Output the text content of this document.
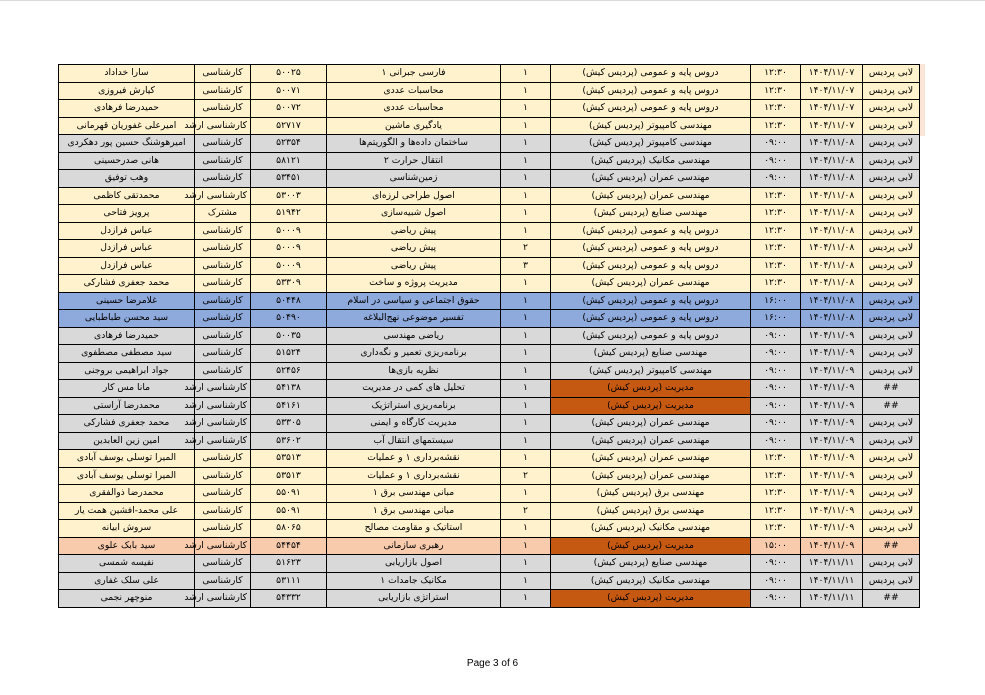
سارا خداداد	کارشناسی	۵۰۰۲۵	فارسی جبرانی ۱	۱	دروس پایه و عمومی (پردیس کیش)	۱۲:۳۰	۱۴۰۴/۱۱/۰۷	لابی پردیس
کیارش فیروزی	کارشناسی	۵۰۰۷۱	محاسبات عددی	۱	دروس پایه و عمومی (پردیس کیش)	۱۲:۳۰	۱۴۰۴/۱۱/۰۷	لابی پردیس
حمیدرضا فرهادی	کارشناسی	۵۰۰۷۲	محاسبات عددی	۱	دروس پایه و عمومی (پردیس کیش)	۱۲:۳۰	۱۴۰۴/۱۱/۰۷	لابی پردیس
امیرعلی غفوریان قهرمانی	کارشناسی ارشد	۵۲۷۱۷	یادگیری ماشین	۱	مهندسی کامپیوتر (پردیس کیش)	۱۲:۳۰	۱۴۰۴/۱۱/۰۷	لابی پردیس
امیرهوشنگ حسین پور دهکردی	کارشناسی	۵۲۳۵۴	ساختمان داده‌ها و الگوریتم‌ها	۱	مهندسی کامپیوتر (پردیس کیش)	۰۹:۰۰	۱۴۰۴/۱۱/۰۸	لابی پردیس
هانی صدرحسینی	کارشناسی	۵۸۱۲۱	انتقال حرارت ۲	۱	مهندسی مکانیک (پردیس کیش)	۰۹:۰۰	۱۴۰۴/۱۱/۰۸	لابی پردیس
وهب توفیق	کارشناسی	۵۳۴۵۱	زمین‌شناسی	۱	مهندسی عمران (پردیس کیش)	۰۹:۰۰	۱۴۰۴/۱۱/۰۸	لابی پردیس
محمدتقی کاظمی	کارشناسی ارشد	۵۳۰۰۳	اصول طراحی لرزه‌ای	۱	مهندسی عمران (پردیس کیش)	۱۲:۳۰	۱۴۰۴/۱۱/۰۸	لابی پردیس
پرویز فتاحی	مشترک	۵۱۹۴۲	اصول شبیه‌سازی	۱	مهندسی صنایع (پردیس کیش)	۱۲:۳۰	۱۴۰۴/۱۱/۰۸	لابی پردیس
عباس فرازدل	کارشناسی	۵۰۰۰۹	پیش ریاضی	۱	دروس پایه و عمومی (پردیس کیش)	۱۲:۳۰	۱۴۰۴/۱۱/۰۸	لابی پردیس
عباس فرازدل	کارشناسی	۵۰۰۰۹	پیش ریاضی	۲	دروس پایه و عمومی (پردیس کیش)	۱۲:۳۰	۱۴۰۴/۱۱/۰۸	لابی پردیس
عباس فرازدل	کارشناسی	۵۰۰۰۹	پیش ریاضی	۳	دروس پایه و عمومی (پردیس کیش)	۱۲:۳۰	۱۴۰۴/۱۱/۰۸	لابی پردیس
محمد جعفری فشارکی	کارشناسی	۵۳۳۰۹	مدیریت پروژه و ساخت	۱	مهندسی عمران (پردیس کیش)	۱۲:۳۰	۱۴۰۴/۱۱/۰۸	لابی پردیس
غلامرضا حسینی	کارشناسی	۵۰۴۴۸	حقوق اجتماعی و سیاسی در اسلام	۱	دروس پایه و عمومی (پردیس کیش)	۱۶:۰۰	۱۴۰۴/۱۱/۰۸	لابی پردیس
سید محسن طباطبایی	کارشناسی	۵۰۴۹۰	تفسیر موضوعی نهج‌البلاغه	۱	دروس پایه و عمومی (پردیس کیش)	۱۶:۰۰	۱۴۰۴/۱۱/۰۸	لابی پردیس
حمیدرضا فرهادی	کارشناسی	۵۰۰۳۵	ریاضی مهندسی	۱	دروس پایه و عمومی (پردیس کیش)	۰۹:۰۰	۱۴۰۴/۱۱/۰۹	لابی پردیس
سید مصطفی مصطفوی	کارشناسی	۵۱۵۲۴	برنامه‌ریزی تعمیر و نگه‌داری	۱	مهندسی صنایع (پردیس کیش)	۰۹:۰۰	۱۴۰۴/۱۱/۰۹	لابی پردیس
جواد ابراهیمی بروجنی	کارشناسی	۵۲۴۵۶	نظریه بازی‌ها	۱	مهندسی کامپیوتر (پردیس کیش)	۰۹:۰۰	۱۴۰۴/۱۱/۰۹	لابی پردیس
مانا مس کار	کارشناسی ارشد	۵۴۱۳۸	تحلیل های کمی در مدیریت	۱	مدیریت (پردیس کیش)	۰۹:۰۰	۱۴۰۴/۱۱/۰۹	##
محمدرضا آراستی	کارشناسی ارشد	۵۴۱۶۱	برنامه‌ریزی استراتژیک	۱	مدیریت (پردیس کیش)	۰۹:۰۰	۱۴۰۴/۱۱/۰۹	##
محمد جعفری فشارکی	کارشناسی ارشد	۵۳۳۰۵	مدیریت کارگاه و ایمنی	۱	مهندسی عمران (پردیس کیش)	۰۹:۰۰	۱۴۰۴/۱۱/۰۹	لابی پردیس
امین زین العابدین	کارشناسی ارشد	۵۳۶۰۲	سیستمهای انتقال آب	۱	مهندسی عمران (پردیس کیش)	۰۹:۰۰	۱۴۰۴/۱۱/۰۹	لابی پردیس
المیرا توسلی یوسف آبادی	کارشناسی	۵۳۵۱۳	نقشه‌برداری ۱ و عملیات	۱	مهندسی عمران (پردیس کیش)	۱۲:۳۰	۱۴۰۴/۱۱/۰۹	لابی پردیس
المیرا توسلی یوسف آبادی	کارشناسی	۵۳۵۱۳	نقشه‌برداری ۱ و عملیات	۲	مهندسی عمران (پردیس کیش)	۱۲:۳۰	۱۴۰۴/۱۱/۰۹	لابی پردیس
محمدرضا ذوالفقری	کارشناسی	۵۵۰۹۱	مبانی مهندسی برق ۱	۱	مهندسی برق (پردیس کیش)	۱۲:۳۰	۱۴۰۴/۱۱/۰۹	لابی پردیس
علی محمد-افشین همت یار	کارشناسی	۵۵۰۹۱	مبانی مهندسی برق ۱	۲	مهندسی برق (پردیس کیش)	۱۲:۳۰	۱۴۰۴/۱۱/۰۹	لابی پردیس
سروش ابیانه	کارشناسی	۵۸۰۶۵	استاتیک و مقاومت مصالح	۱	مهندسی مکانیک (پردیس کیش)	۱۲:۳۰	۱۴۰۴/۱۱/۰۹	لابی پردیس
سید بابک علوی	کارشناسی ارشد	۵۴۴۵۴	رهبری سازمانی	۱	مدیریت (پردیس کیش)	۱۵:۰۰	۱۴۰۴/۱۱/۰۹	##
نفیسه شمسی	کارشناسی	۵۱۶۲۳	اصول بازاریابی	۱	مهندسی صنایع (پردیس کیش)	۰۹:۰۰	۱۴۰۴/۱۱/۱۱	لابی پردیس
علی سلک غفاری	کارشناسی	۵۳۱۱۱	مکانیک جامدات ۱	۱	مهندسی مکانیک (پردیس کیش)	۰۹:۰۰	۱۴۰۴/۱۱/۱۱	لابی پردیس
منوچهر نجمی	کارشناسی ارشد	۵۴۳۳۲	استراتژی بازاریابی	۱	مدیریت (پردیس کیش)	۰۹:۰۰	۱۴۰۴/۱۱/۱۱	##
Page 3 of 6
